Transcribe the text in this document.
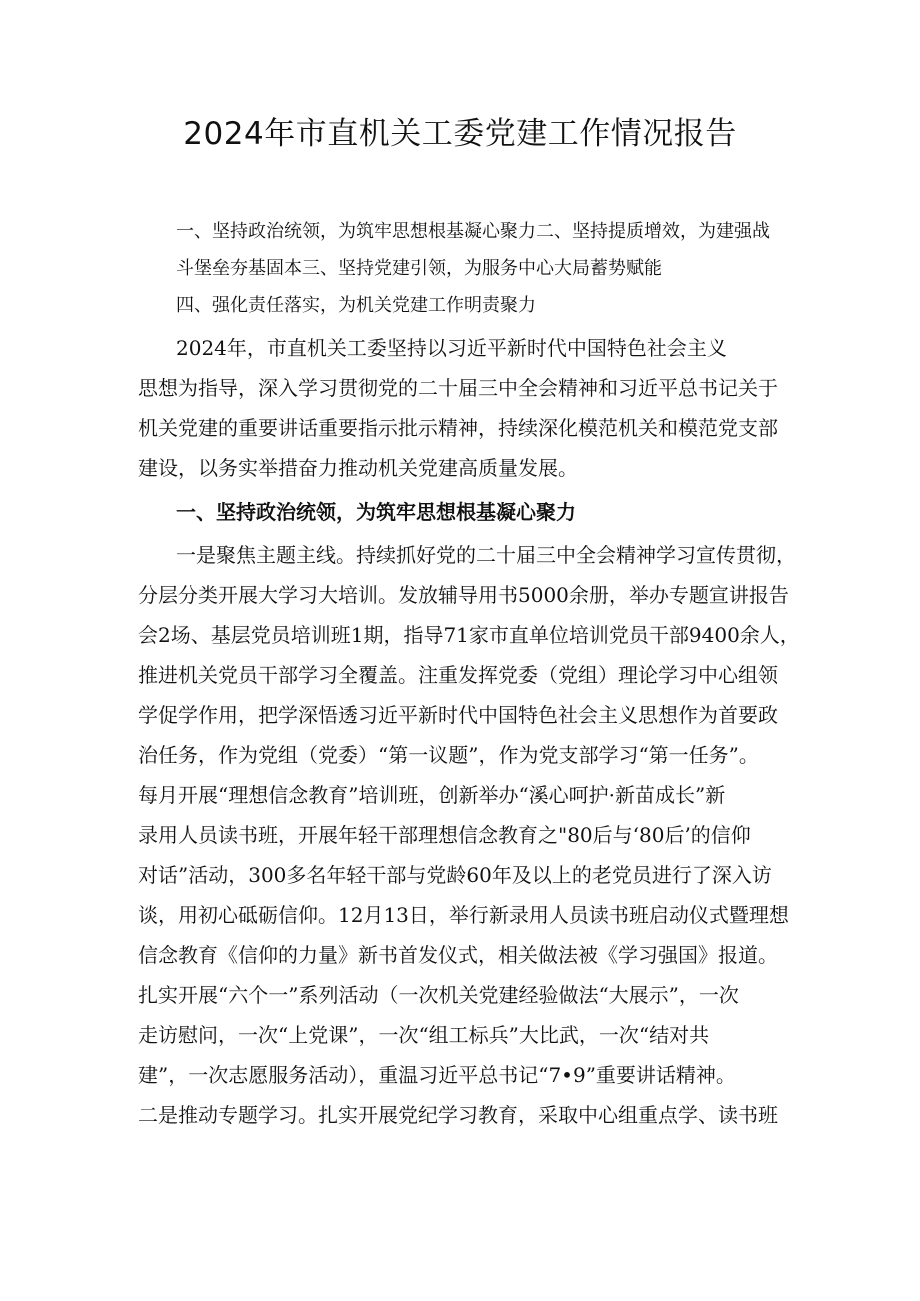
2024年市直机关工委党建工作情况报告

一、坚持政治统领，为筑牢思想根基凝心聚力二、坚持提质增效，为建强战

斗堡垒夯基固本三、坚持党建引领，为服务中心大局蓄势赋能

四、强化责任落实，为机关党建工作明责聚力

2024年，市直机关工委坚持以习近平新时代中国特色社会主义

思想为指导，深入学习贯彻党的二十届三中全会精神和习近平总书记关于

机关党建的重要讲话重要指示批示精神，持续深化模范机关和模范党支部

建设，以务实举措奋力推动机关党建高质量发展。

一、坚持政治统领，为筑牢思想根基凝心聚力

一是聚焦主题主线。持续抓好党的二十届三中全会精神学习宣传贯彻，

分层分类开展大学习大培训。发放辅导用书5000余册，举办专题宣讲报告

会2场、基层党员培训班1期，指导71家市直单位培训党员干部9400余人，

推进机关党员干部学习全覆盖。注重发挥党委（党组）理论学习中心组领

学促学作用，把学深悟透习近平新时代中国特色社会主义思想作为首要政

治任务，作为党组（党委）“第一议题”，作为党支部学习“第一任务”。

每月开展“理想信念教育”培训班，创新举办“溪心呵护·新苗成长”新

录用人员读书班，开展年轻干部理想信念教育之"80后与‘80后’的信仰

对话”活动，300多名年轻干部与党龄60年及以上的老党员进行了深入访

谈，用初心砥砺信仰。12月13日，举行新录用人员读书班启动仪式暨理想

信念教育《信仰的力量》新书首发仪式，相关做法被《学习强国》报道。

扎实开展“六个一”系列活动（一次机关党建经验做法“大展示”，一次

走访慰问，一次“上党课”，一次“组工标兵”大比武，一次“结对共

建”，一次志愿服务活动），重温习近平总书记“7•9”重要讲话精神。

二是推动专题学习。扎实开展党纪学习教育，采取中心组重点学、读书班
